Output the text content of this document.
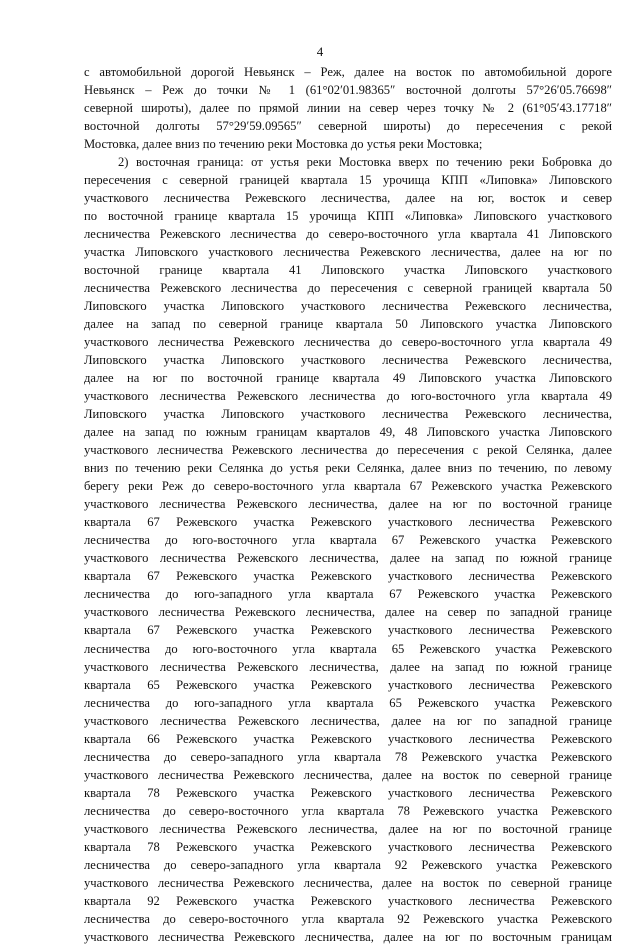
4
с автомобильной дорогой Невьянск – Реж, далее на восток по автомобильной дороге
Невьянск – Реж до точки № 1 (61°02′01.98365″ восточной долготы 57°26′05.76698″
северной широты), далее по прямой линии на север через точку № 2 (61°05′43.17718″
восточной долготы 57°29′59.09565″ северной широты) до пересечения с рекой
Мостовка, далее вниз по течению реки Мостовка до устья реки Мостовка;
2) восточная граница: от устья реки Мостовка вверх по течению реки Бобровка до
пересечения с северной границей квартала 15 урочища КПП «Липовка» Липовского
участкового лесничества Режевского лесничества, далее на юг, восток и север
по восточной границе квартала 15 урочища КПП «Липовка» Липовского участкового
лесничества Режевского лесничества до северо-восточного угла квартала 41 Липовского
участка Липовского участкового лесничества Режевского лесничества, далее на юг по
восточной границе квартала 41 Липовского участка Липовского участкового
лесничества Режевского лесничества до пересечения с северной границей квартала 50
Липовского участка Липовского участкового лесничества Режевского лесничества,
далее на запад по северной границе квартала 50 Липовского участка Липовского
участкового лесничества Режевского лесничества до северо-восточного угла квартала 49
Липовского участка Липовского участкового лесничества Режевского лесничества,
далее на юг по восточной границе квартала 49 Липовского участка Липовского
участкового лесничества Режевского лесничества до юго-восточного угла квартала 49
Липовского участка Липовского участкового лесничества Режевского лесничества,
далее на запад по южным границам кварталов 49, 48 Липовского участка Липовского
участкового лесничества Режевского лесничества до пересечения с рекой Селянка, далее
вниз по течению реки Селянка до устья реки Селянка, далее вниз по течению, по левому
берегу реки Реж до северо-восточного угла квартала 67 Режевского участка Режевского
участкового лесничества Режевского лесничества, далее на юг по восточной границе
квартала 67 Режевского участка Режевского участкового лесничества Режевского
лесничества до юго-восточного угла квартала 67 Режевского участка Режевского
участкового лесничества Режевского лесничества, далее на запад по южной границе
квартала 67 Режевского участка Режевского участкового лесничества Режевского
лесничества до юго-западного угла квартала 67 Режевского участка Режевского
участкового лесничества Режевского лесничества, далее на север по западной границе
квартала 67 Режевского участка Режевского участкового лесничества Режевского
лесничества до юго-восточного угла квартала 65 Режевского участка Режевского
участкового лесничества Режевского лесничества, далее на запад по южной границе
квартала 65 Режевского участка Режевского участкового лесничества Режевского
лесничества до юго-западного угла квартала 65 Режевского участка Режевского
участкового лесничества Режевского лесничества, далее на юг по западной границе
квартала 66 Режевского участка Режевского участкового лесничества Режевского
лесничества до северо-западного угла квартала 78 Режевского участка Режевского
участкового лесничества Режевского лесничества, далее на восток по северной границе
квартала 78 Режевского участка Режевского участкового лесничества Режевского
лесничества до северо-восточного угла квартала 78 Режевского участка Режевского
участкового лесничества Режевского лесничества, далее на юг по восточной границе
квартала 78 Режевского участка Режевского участкового лесничества Режевского
лесничества до северо-западного угла квартала 92 Режевского участка Режевского
участкового лесничества Режевского лесничества, далее на восток по северной границе
квартала 92 Режевского участка Режевского участкового лесничества Режевского
лесничества до северо-восточного угла квартала 92 Режевского участка Режевского
участкового лесничества Режевского лесничества, далее на юг по восточным границам
